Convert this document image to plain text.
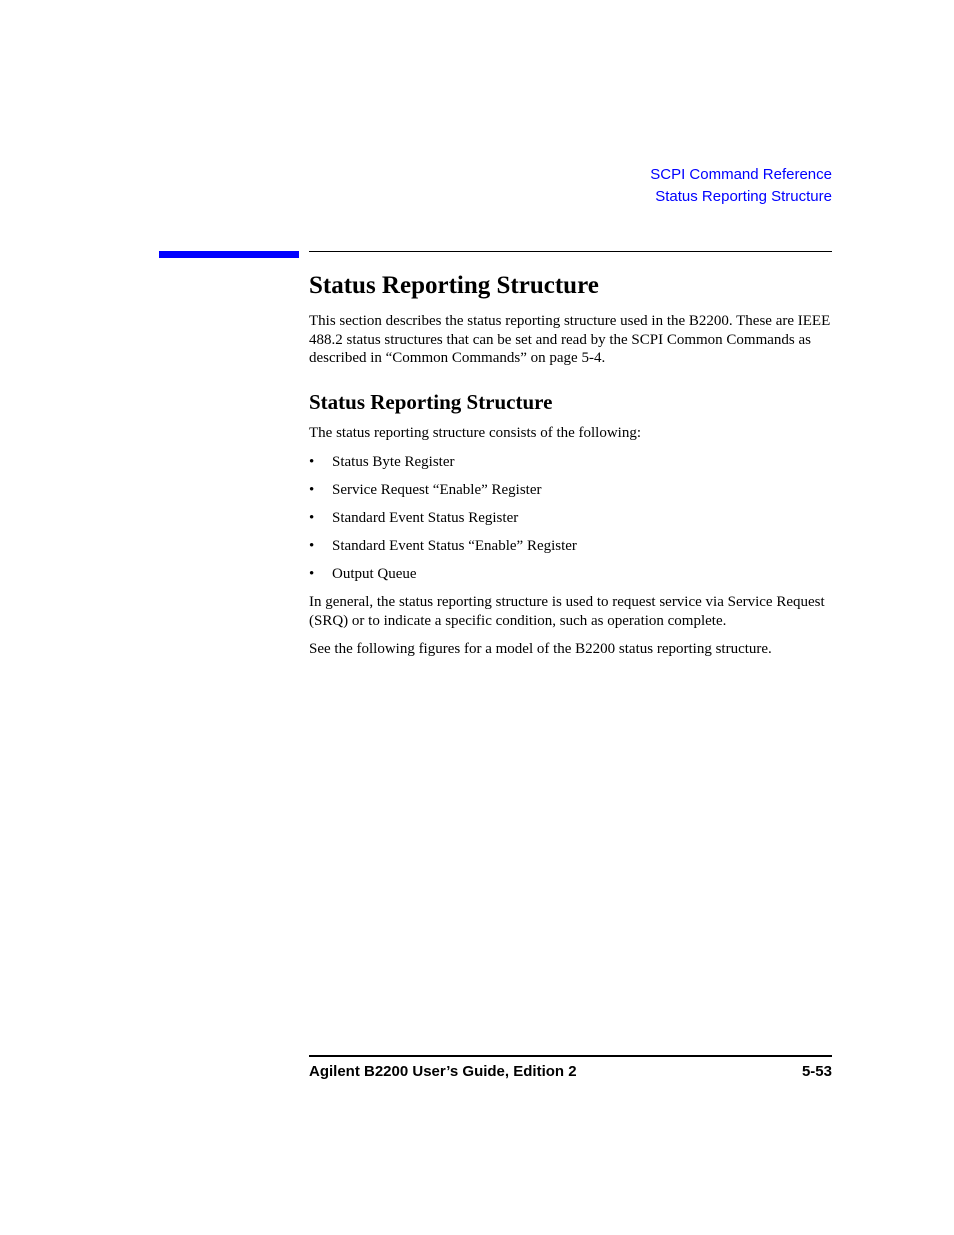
SCPI Command Reference
Status Reporting Structure
Status Reporting Structure

This section describes the status reporting structure used in the B2200. These are IEEE 488.2 status structures that can be set and read by the SCPI Common Commands as described in “Common Commands” on page 5-4.

Status Reporting Structure

The status reporting structure consists of the following:

• Status Byte Register
• Service Request “Enable” Register
• Standard Event Status Register
• Standard Event Status “Enable” Register
• Output Queue

In general, the status reporting structure is used to request service via Service Request (SRQ) or to indicate a specific condition, such as operation complete.

See the following figures for a model of the B2200 status reporting structure.

Agilent B2200 User’s Guide, Edition 2	5-53
